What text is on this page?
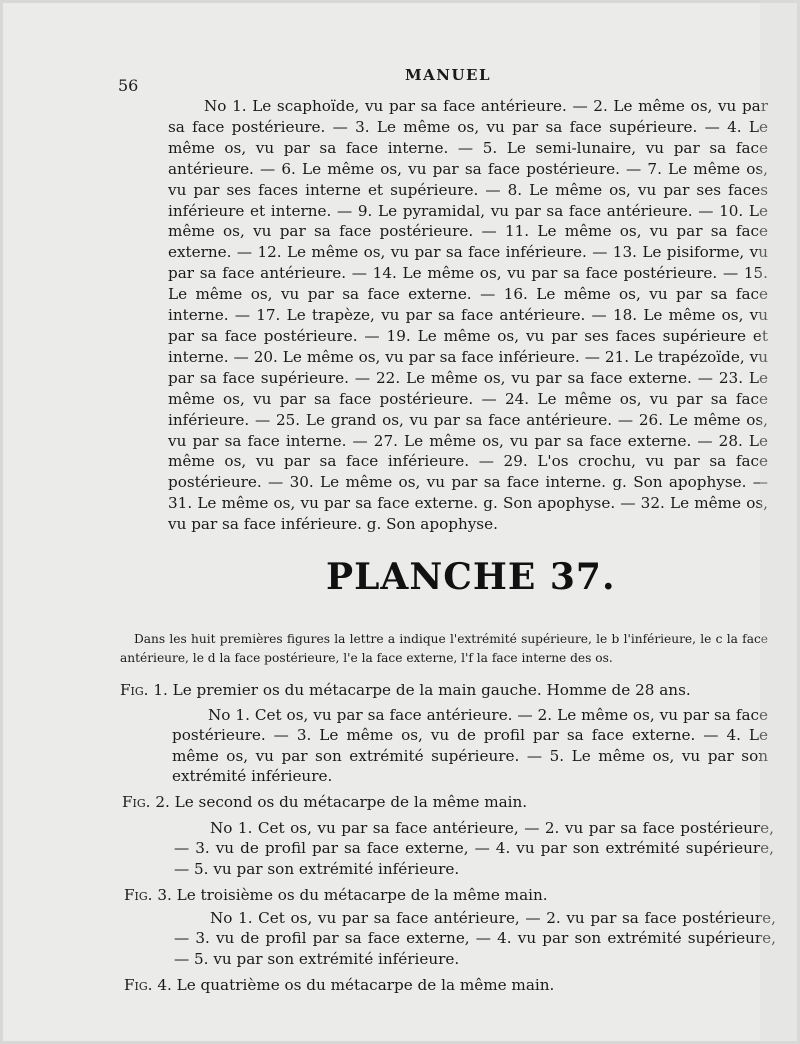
56
MANUEL

No 1. Le scaphoïde, vu par sa face antérieure. — 2. Le même os, vu par sa face postérieure. — 3. Le même os, vu par sa face supérieure. — 4. Le même os, vu par sa face interne. — 5. Le semi-lunaire, vu par sa face antérieure. — 6. Le même os, vu par sa face postérieure. — 7. Le même os, vu par ses faces interne et supérieure. — 8. Le même os, vu par ses faces inférieure et interne. — 9. Le pyramidal, vu par sa face antérieure. — 10. Le même os, vu par sa face postérieure. — 11. Le même os, vu par sa face externe. — 12. Le même os, vu par sa face inférieure. — 13. Le pisiforme, vu par sa face antérieure. — 14. Le même os, vu par sa face postérieure. — 15. Le même os, vu par sa face externe. — 16. Le même os, vu par sa face interne. — 17. Le trapèze, vu par sa face antérieure. — 18. Le même os, vu par sa face postérieure. — 19. Le même os, vu par ses faces supérieure et interne. — 20. Le même os, vu par sa face inférieure. — 21. Le trapézoïde, vu par sa face supérieure. — 22. Le même os, vu par sa face externe. — 23. Le même os, vu par sa face postérieure. — 24. Le même os, vu par sa face inférieure. — 25. Le grand os, vu par sa face antérieure. — 26. Le même os, vu par sa face interne. — 27. Le même os, vu par sa face externe. — 28. Le même os, vu par sa face inférieure. — 29. L'os crochu, vu par sa face postérieure. — 30. Le même os, vu par sa face interne. g. Son apophyse. — 31. Le même os, vu par sa face externe. g. Son apophyse. — 32. Le même os, vu par sa face inférieure. g. Son apophyse.

PLANCHE 37.

Dans les huit premières figures la lettre a indique l'extrémité supérieure, le b l'inférieure, le c la face antérieure, le d la face postérieure, l'e la face externe, l'f la face interne des os.

Fig. 1. Le premier os du métacarpe de la main gauche. Homme de 28 ans.

No 1. Cet os, vu par sa face antérieure. — 2. Le même os, vu par sa face postérieure. — 3. Le même os, vu de profil par sa face externe. — 4. Le même os, vu par son extrémité supérieure. — 5. Le même os, vu par son extrémité inférieure.

Fig. 2. Le second os du métacarpe de la même main.

No 1. Cet os, vu par sa face antérieure, — 2. vu par sa face postérieure, — 3. vu de profil par sa face externe, — 4. vu par son extrémité supérieure, — 5. vu par son extrémité inférieure.

Fig. 3. Le troisième os du métacarpe de la même main.

No 1. Cet os, vu par sa face antérieure, — 2. vu par sa face postérieure, — 3. vu de profil par sa face externe, — 4. vu par son extrémité supérieure, — 5. vu par son extrémité inférieure.

Fig. 4. Le quatrième os du métacarpe de la même main.
